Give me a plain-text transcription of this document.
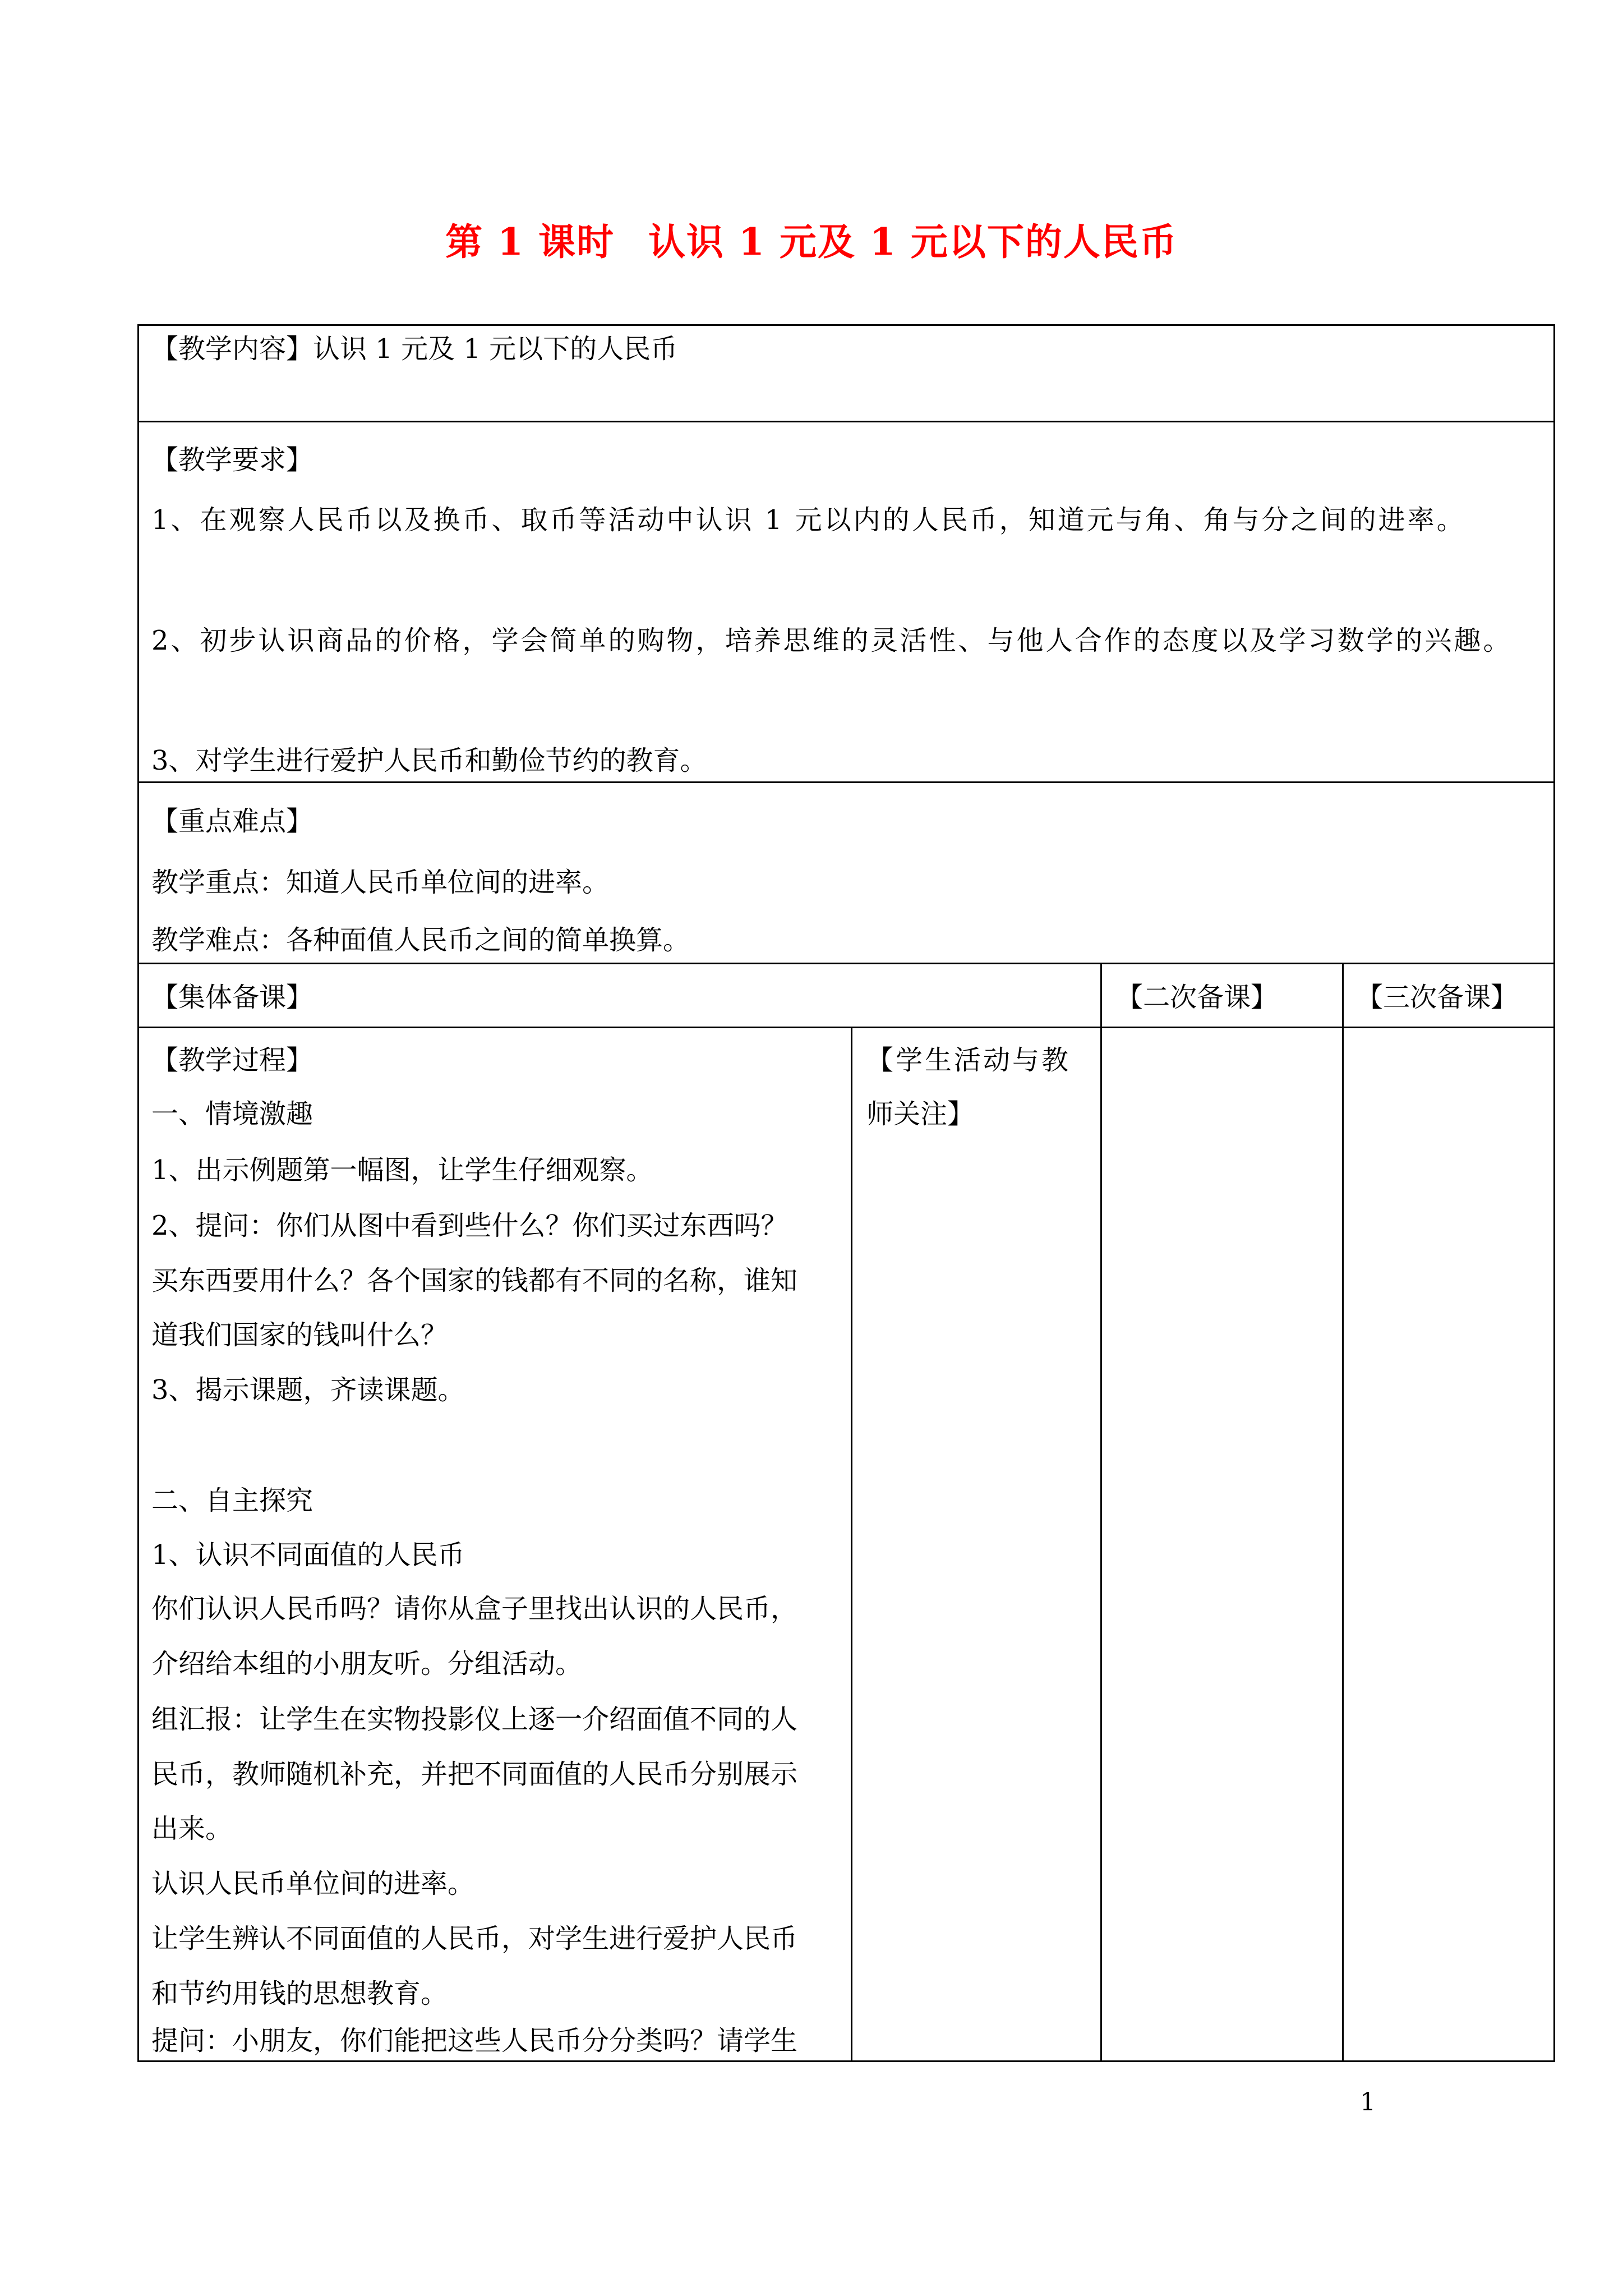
第 1 课时 认识 1 元及 1 元以下的人民币
【教学内容】认识 1 元及 1 元以下的人民币
【教学要求】
1、在观察人民币以及换币、取币等活动中认识 1 元以内的人民币，知道元与角、角与分之间的进率。
2、初步认识商品的价格，学会简单的购物，培养思维的灵活性、与他人合作的态度以及学习数学的兴趣。
3、对学生进行爱护人民币和勤俭节约的教育。
【重点难点】
教学重点：知道人民币单位间的进率。
教学难点：各种面值人民币之间的简单换算。
【集体备课】	【二次备课】	【三次备课】
【教学过程】
一、情境激趣
1、出示例题第一幅图，让学生仔细观察。
2、提问：你们从图中看到些什么？你们买过东西吗？
买东西要用什么？各个国家的钱都有不同的名称，谁知
道我们国家的钱叫什么？
3、揭示课题，齐读课题。
二、自主探究
1、认识不同面值的人民币
你们认识人民币吗？请你从盒子里找出认识的人民币，
介绍给本组的小朋友听。分组活动。
组汇报：让学生在实物投影仪上逐一介绍面值不同的人
民币，教师随机补充，并把不同面值的人民币分别展示
出来。
认识人民币单位间的进率。
让学生辨认不同面值的人民币，对学生进行爱护人民币
和节约用钱的思想教育。
提问：小朋友，你们能把这些人民币分分类吗？请学生
【学生活动与教
师关注】
1
